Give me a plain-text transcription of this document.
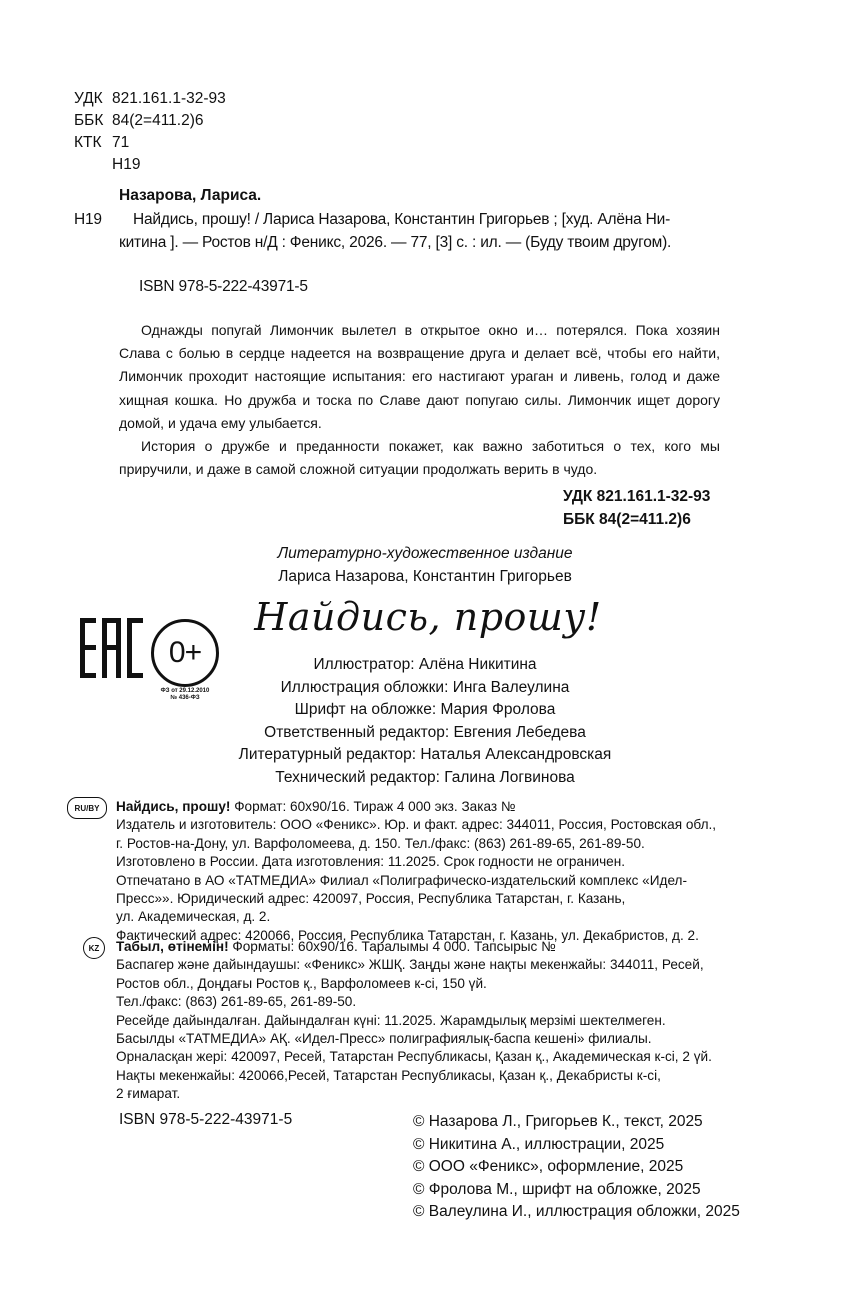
УДК 821.161.1-32-93
ББК 84(2=411.2)6
КТК 71
Н19
Назарова, Лариса.
Н19	Найдись, прошу! / Лариса Назарова, Константин Григорьев ; [худ. Алёна Ни-
китина ]. — Ростов н/Д : Феникс, 2026. — 77, [3] с. : ил. — (Буду твоим другом).
ISBN 978-5-222-43971-5

Однажды попугай Лимончик вылетел в открытое окно и… потерялся. Пока хозяин Слава с болью в сердце надеется на возвращение друга и делает всё, чтобы его найти, Лимончик проходит настоящие испытания: его настигают ураган и ливень, голод и даже хищная кошка. Но дружба и тоска по Славе дают попугаю силы. Лимончик ищет дорогу домой, и удача ему улыбается.

История о дружбе и преданности покажет, как важно заботиться о тех, кого мы приручили, и даже в самой сложной ситуации продолжать верить в чудо.

УДК 821.161.1-32-93
ББК 84(2=411.2)6
Литературно-художественное издание
Лариса Назарова, Константин Григорьев
Найдись, прошу!
0+
ФЗ от 29.12.2010
№ 436-ФЗ
Иллюстратор: Алёна Никитина
Иллюстрация обложки: Инга Валеулина
Шрифт на обложке: Мария Фролова
Ответственный редактор: Евгения Лебедева
Литературный редактор: Наталья Александровская
Технический редактор: Галина Логвинова
RU/BY	Найдись, прошу! Формат: 60х90/16. Тираж 4 000 экз. Заказ №
Издатель и изготовитель: ООО «Феникс». Юр. и факт. адрес: 344011, Россия, Ростовская обл.,
г. Ростов-на-Дону, ул. Варфоломеева, д. 150. Тел./факс: (863) 261-89-65, 261-89-50.
Изготовлено в России. Дата изготовления: 11.2025. Срок годности не ограничен.
Отпечатано в АО «ТАТМЕДИА» Филиал «Полиграфическо-издательский комплекс «Идел-
Пресс»». Юридический адрес: 420097, Россия, Республика Татарстан, г. Казань,
ул. Академическая, д. 2.
Фактический адрес: 420066, Россия, Республика Татарстан, г. Казань, ул. Декабристов, д. 2.
KZ	Табыл, өтінемін! Форматы: 60х90/16. Таралымы 4 000. Тапсырыс №
Баспагер және дайындаушы: «Феникс» ЖШҚ. Заңды және нақты мекенжайы: 344011, Ресей,
Ростов обл., Доңдағы Ростов қ., Варфоломеев к-сі, 150 үй.
Тел./факс: (863) 261-89-65, 261-89-50.
Ресейде дайындалған. Дайындалған күні: 11.2025. Жарамдылық мерзімі шектелмеген.
Басылды «ТАТМЕДИА» АҚ. «Идел-Пресс» полиграфиялық-баспа кешені» филиалы.
Орналасқан жері: 420097, Ресей, Татарстан Республикасы, Қазан қ., Академическая к-сі, 2 үй.
Нақты мекенжайы: 420066,Ресей, Татарстан Республикасы, Қазан қ., Декабристы к-сі,
2 ғимарат.
ISBN 978-5-222-43971-5	© Назарова Л., Григорьев К., текст, 2025
© Никитина А., иллюстрации, 2025
© ООО «Феникс», оформление, 2025
© Фролова М., шрифт на обложке, 2025
© Валеулина И., иллюстрация обложки, 2025
